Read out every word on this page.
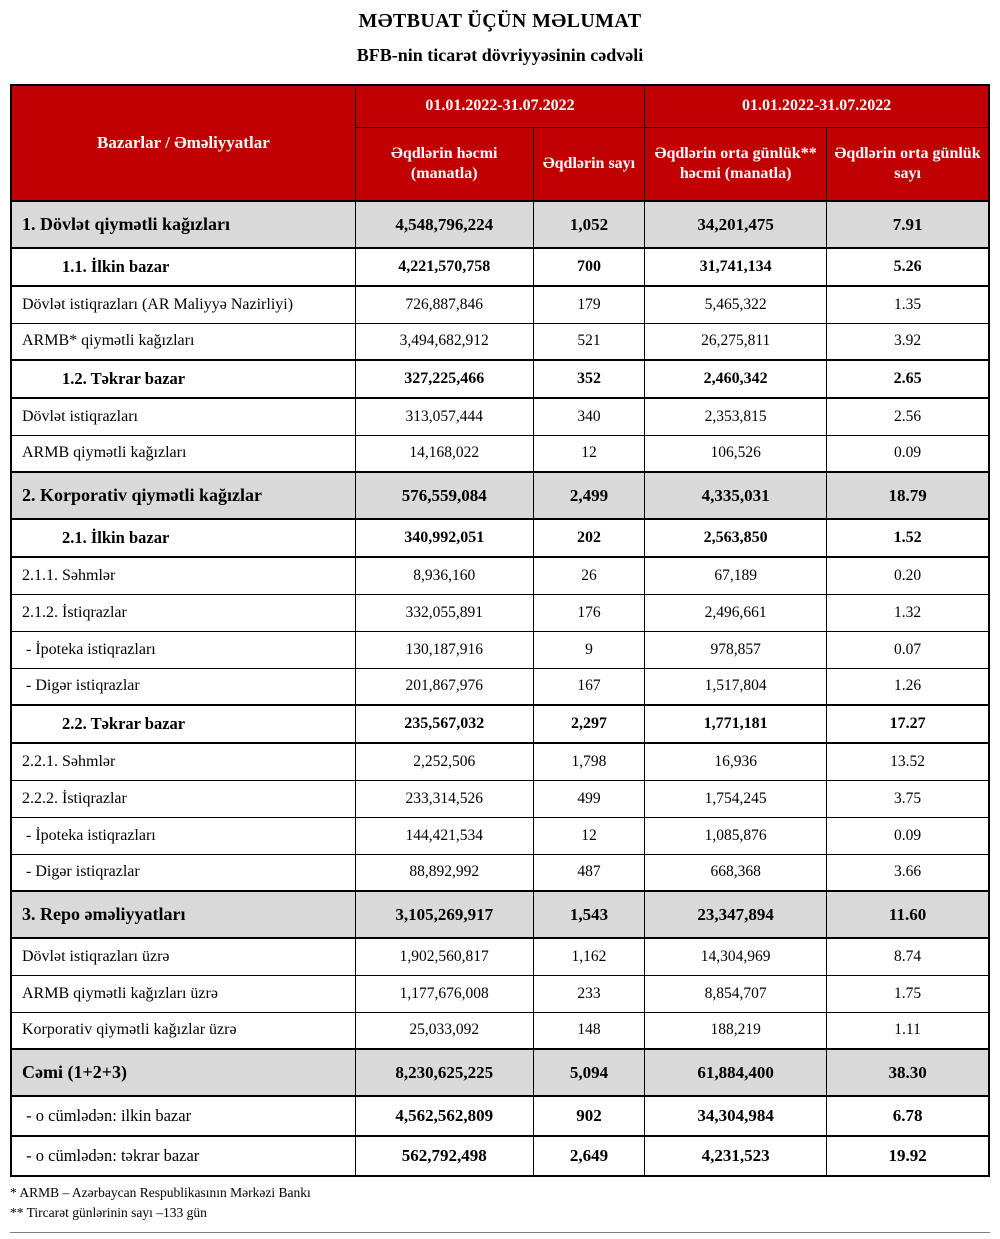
MƏTBUAT ÜÇÜN MƏLUMAT
BFB-nin ticarət dövriyyəsinin cədvəli
Bazarlar / Əməliyyatlar	01.01.2022-31.07.2022		01.01.2022-31.07.2022	
	Əqdlərin həcmi (manatla)	Əqdlərin sayı	Əqdlərin orta günlük** həcmi (manatla)	Əqdlərin orta günlük sayı
1. Dövlət qiymətli kağızları	4,548,796,224	1,052	34,201,475	7.91
1.1. İlkin bazar	4,221,570,758	700	31,741,134	5.26
Dövlət istiqrazları (AR Maliyyə Nazirliyi)	726,887,846	179	5,465,322	1.35
ARMB* qiymətli kağızları	3,494,682,912	521	26,275,811	3.92
1.2. Təkrar bazar	327,225,466	352	2,460,342	2.65
Dövlət istiqrazları	313,057,444	340	2,353,815	2.56
ARMB qiymətli kağızları	14,168,022	12	106,526	0.09
2. Korporativ qiymətli kağızlar	576,559,084	2,499	4,335,031	18.79
2.1. İlkin bazar	340,992,051	202	2,563,850	1.52
2.1.1. Səhmlər	8,936,160	26	67,189	0.20
2.1.2. İstiqrazlar	332,055,891	176	2,496,661	1.32
- İpoteka istiqrazları	130,187,916	9	978,857	0.07
- Digər istiqrazlar	201,867,976	167	1,517,804	1.26
2.2. Təkrar bazar	235,567,032	2,297	1,771,181	17.27
2.2.1. Səhmlər	2,252,506	1,798	16,936	13.52
2.2.2. İstiqrazlar	233,314,526	499	1,754,245	3.75
- İpoteka istiqrazları	144,421,534	12	1,085,876	0.09
- Digər istiqrazlar	88,892,992	487	668,368	3.66
3. Repo əməliyyatları	3,105,269,917	1,543	23,347,894	11.60
Dövlət istiqrazları üzrə	1,902,560,817	1,162	14,304,969	8.74
ARMB qiymətli kağızları üzrə	1,177,676,008	233	8,854,707	1.75
Korporativ qiymətli kağızlar üzrə	25,033,092	148	188,219	1.11
Cəmi (1+2+3)	8,230,625,225	5,094	61,884,400	38.30
- o cümlədən: ilkin bazar	4,562,562,809	902	34,304,984	6.78
- o cümlədən: təkrar bazar	562,792,498	2,649	4,231,523	19.92
* ARMB – Azərbaycan Respublikasının Mərkəzi Bankı
** Tircarət günlərinin sayı –133 gün
